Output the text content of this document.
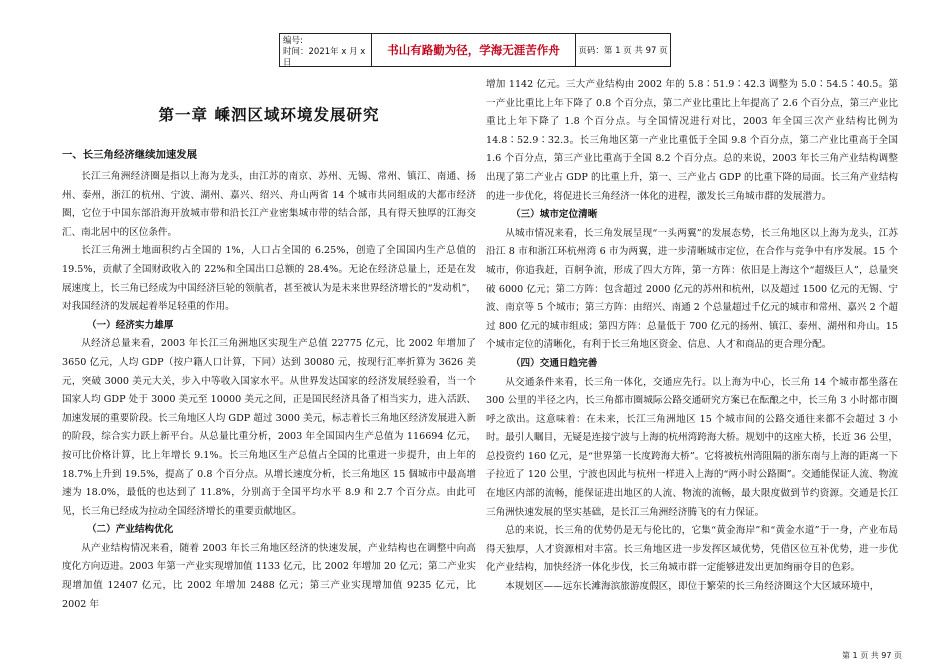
编号:
时间：2021年 x 月 x 日
书山有路勤为径，学海无涯苦作舟	页码：第 1 页 共 97 页
第一章 嵊泗区域环境发展研究
一、长三角经济继续加速发展

长江三角洲经济圈是指以上海为龙头，由江苏的南京、苏州、无锡、常州、镇江、南通、扬州、泰州，浙江的杭州、宁波、湖州、嘉兴、绍兴、舟山两省 14 个城市共同组成的大都市经济圈，它位于中国东部沿海开放城市带和沿长江产业密集城市带的结合部，具有得天独厚的江海交汇、南北居中的区位条件。

长江三角洲土地面积约占全国的 1%，人口占全国的 6.25%，创造了全国国内生产总值的 19.5%，贡献了全国财政收入的 22%和全国出口总额的 28.4%。无论在经济总量上，还是在发展速度上，长三角已经成为中国经济巨轮的领航者，甚至被认为是未来世界经济增长的“发动机”，对我国经济的发展起着举足轻重的作用。

（一）经济实力雄厚

从经济总量来看，2003 年长江三角洲地区实现生产总值 22775 亿元，比 2002 年增加了 3650 亿元，人均 GDP（按户籍人口计算，下同）达到 30080 元，按现行汇率折算为 3626 美元，突破 3000 美元大关，步入中等收入国家水平。从世界发达国家的经济发展经验看，当一个国家人均 GDP 处于 3000 美元至 10000 美元之间，正是国民经济具备了相当实力，进入活跃、加速发展的重要阶段。长三角地区人均 GDP 超过 3000 美元，标志着长三角地区经济发展进入新的阶段，综合实力跃上新平台。从总量比重分析，2003 年全国国内生产总值为 116694 亿元，按可比价格计算，比上年增长 9.1%。长三角地区生产总值占全国的比重进一步提升，由上年的 18.7%上升到 19.5%，提高了 0.8 个百分点。从增长速度分析，长三角地区 15 個城市中最高增速为 18.0%，最低的也达到了 11.8%，分别高于全国平均水平 8.9 和 2.7 个百分点。由此可见，长三角已经成为拉动全国经济增长的重要贡献地区。

（二）产业结构优化

从产业结构情况来看，随着 2003 年长三角地区经济的快速发展，产业结构也在调整中向高度化方向迈进。2003 年第一产业实现增加值 1133 亿元，比 2002 年增加 20 亿元；第二产业实现增加值 12407 亿元，比 2002 年增加 2488 亿元；第三产业实现增加值 9235 亿元，比 2002 年

增加 1142 亿元。三大产业结构由 2002 年的 5.8∶51.9∶42.3 调整为 5.0∶54.5∶40.5。第一产业比重比上年下降了 0.8 个百分点，第二产业比重比上年提高了 2.6 个百分点，第三产业比重比上年下降了 1.8 个百分点。与全国情况进行对比，2003 年全国三次产业结构比例为 14.8∶52.9∶32.3。长三角地区第一产业比重低于全国 9.8 个百分点，第二产业比重高于全国 1.6 个百分点，第三产业比重高于全国 8.2 个百分点。总的来说，2003 年长三角产业结构调整出现了第二产业占 GDP 的比重上升，第一、三产业占 GDP 的比重下降的局面。长三角产业结构的进一步优化，将促进长三角经济一体化的进程，激发长三角城市群的发展潜力。

（三）城市定位清晰

从城市情况来看，长三角发展呈现“一头两翼”的发展态势，长三角地区以上海为龙头，江苏沿江 8 市和浙江环杭州湾 6 市为两翼，进一步清晰城市定位，在合作与竞争中有序发展。15 个城市，你追我赶，百舸争流，形成了四大方阵，第一方阵：依旧是上海这个“超级巨人”，总量突破 6000 亿元；第二方阵：包含超过 2000 亿元的苏州和杭州，以及超过 1500 亿元的无锡、宁波、南京等 5 个城市；第三方阵：由绍兴、南通 2 个总量超过千亿元的城市和常州、嘉兴 2 个超过 800 亿元的城市组成；第四方阵：总量低于 700 亿元的扬州、镇江、泰州、湖州和舟山。15 个城市定位的清晰化，有利于长三角地区资金、信息、人才和商品的更合理分配。

（四）交通日趋完善

从交通条件来看，长三角一体化，交通应先行。以上海为中心，长三角 14 个城市都坐落在 300 公里的半径之内，长三角都市圈城际公路交通研究方案已在酝酿之中，长三角 3 小时都市圈呼之欲出。这意味着：在未来，长江三角洲地区 15 个城市间的公路交通往来都不会超过 3 小时。最引人瞩目，无疑是连接宁波与上海的杭州湾跨海大桥。规划中的这座大桥，长近 36 公里，总投资约 160 亿元，是“世界第一长度跨海大桥”。它将被杭州湾阻隔的浙东南与上海的距离一下子拉近了 120 公里，宁波也因此与杭州一样进入上海的“两小时公路圈”。交通能保证人流、物流在地区内部的流畅，能保证进出地区的人流、物流的流畅，最大限度做到节约资源。交通是长江三角洲快速发展的坚实基础，是长江三角洲经济腾飞的有力保证。

总的来说，长三角的优势仍是无与伦比的，它集“黄金海岸”和“黄金水道”于一身，产业布局得天独厚，人才资源相对丰富。长三角地区进一步发挥区域优势，凭借区位互补优势，进一步优化产业结构，加快经济一体化步伐，长三角城市群一定能够进发出更加绚丽夺目的色彩。

本规划区——远东长滩海滨旅游度假区，即位于繁荣的长三角经济圈这个大区域环境中，

第 1 页 共 97 页
